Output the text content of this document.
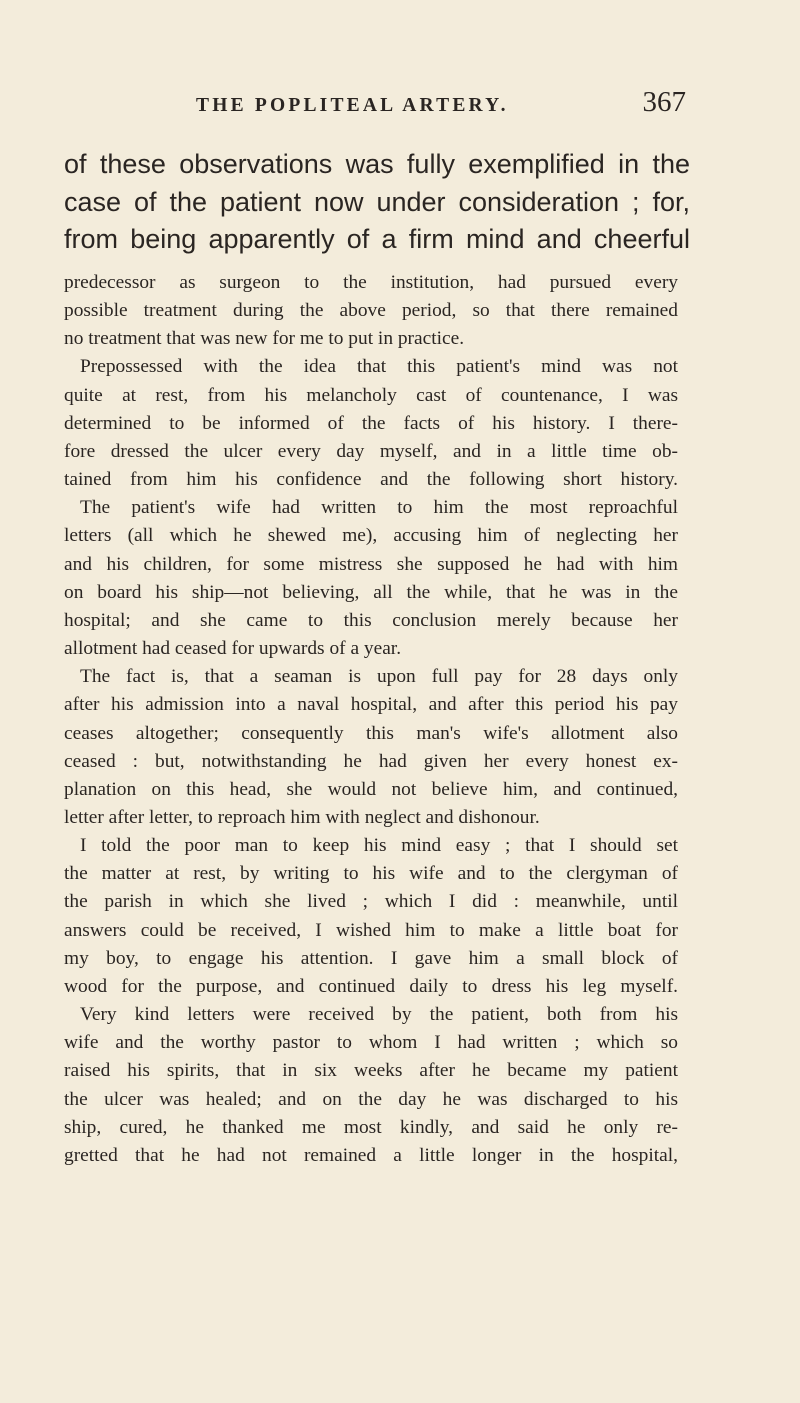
THE POPLITEAL ARTERY.	367
of these observations was fully exemplified in the
case of the patient now under consideration ; for,
from being apparently of a firm mind and cheerful
predecessor as surgeon to the institution, had pursued every
possible treatment during the above period, so that there remained
no treatment that was new for me to put in practice.
Prepossessed with the idea that this patient's mind was not
quite at rest, from his melancholy cast of countenance, I was
determined to be informed of the facts of his history. I there-
fore dressed the ulcer every day myself, and in a little time ob-
tained from him his confidence and the following short history.
The patient's wife had written to him the most reproachful
letters (all which he shewed me), accusing him of neglecting her
and his children, for some mistress she supposed he had with him
on board his ship—not believing, all the while, that he was in the
hospital; and she came to this conclusion merely because her
allotment had ceased for upwards of a year.
The fact is, that a seaman is upon full pay for 28 days only
after his admission into a naval hospital, and after this period his pay
ceases altogether; consequently this man's wife's allotment also
ceased : but, notwithstanding he had given her every honest ex-
planation on this head, she would not believe him, and continued,
letter after letter, to reproach him with neglect and dishonour.
I told the poor man to keep his mind easy ; that I should set
the matter at rest, by writing to his wife and to the clergyman of
the parish in which she lived ; which I did : meanwhile, until
answers could be received, I wished him to make a little boat for
my boy, to engage his attention. I gave him a small block of
wood for the purpose, and continued daily to dress his leg myself.
Very kind letters were received by the patient, both from his
wife and the worthy pastor to whom I had written ; which so
raised his spirits, that in six weeks after he became my patient
the ulcer was healed; and on the day he was discharged to his
ship, cured, he thanked me most kindly, and said he only re-
gretted that he had not remained a little longer in the hospital,
